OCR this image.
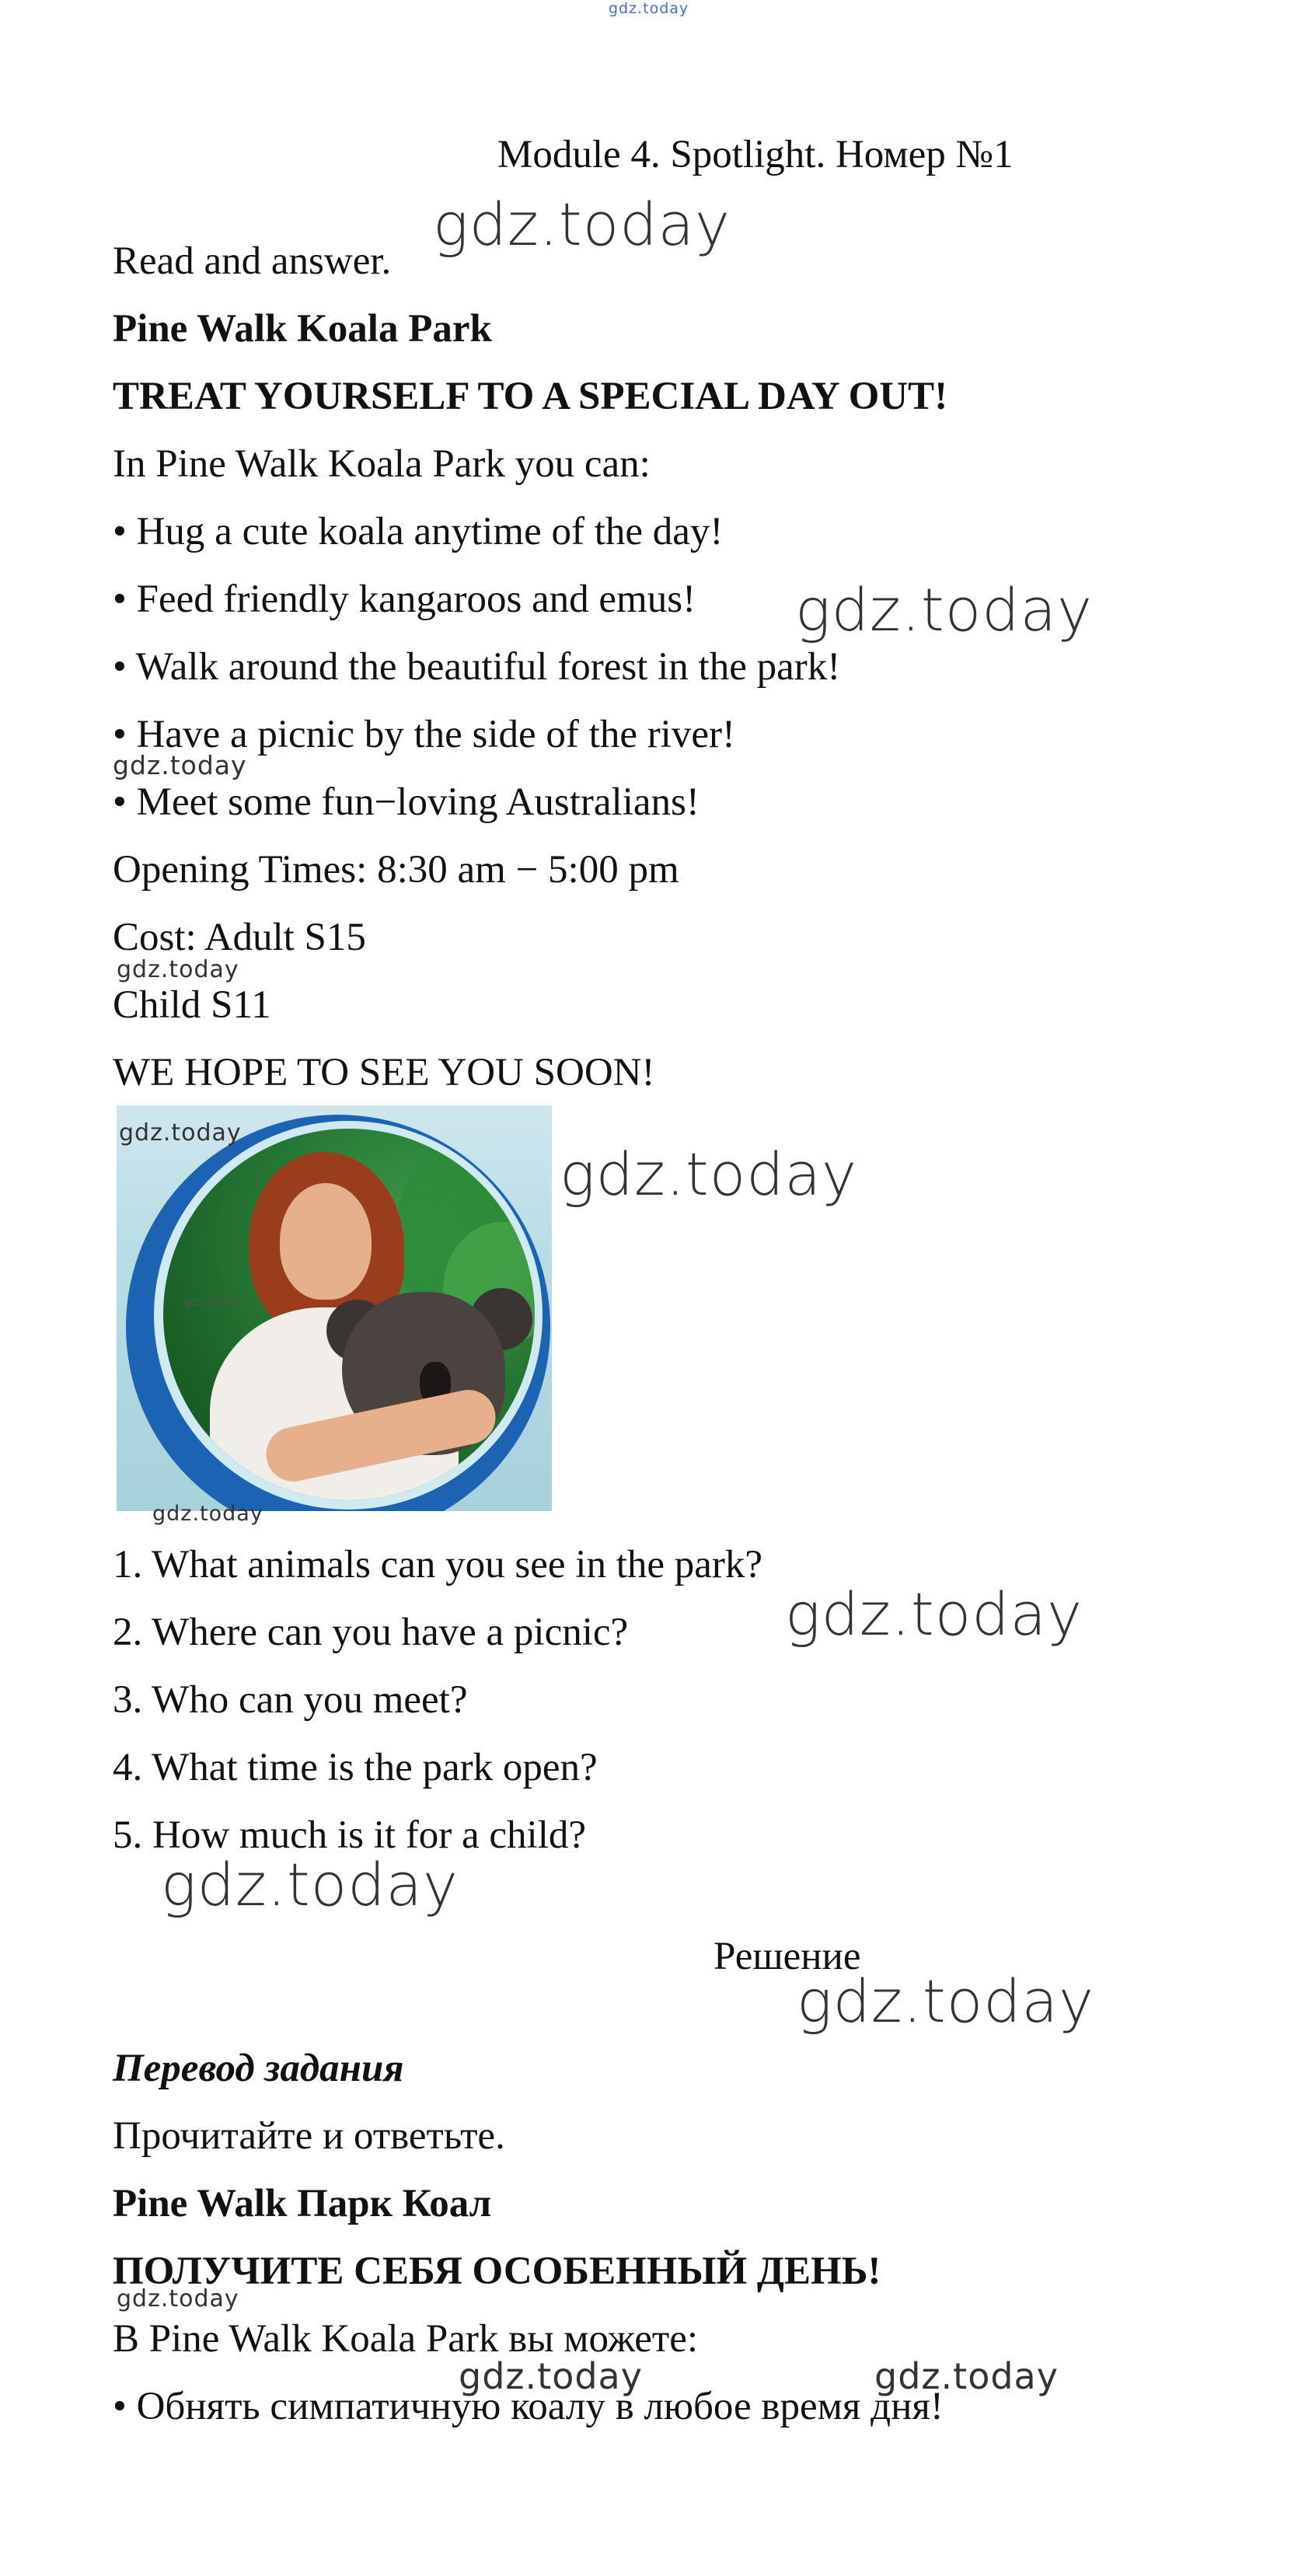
gdz.today
Module 4. Spotlight. Номер №1
Read and answer.
Pine Walk Koala Park
TREAT YOURSELF TO A SPECIAL DAY OUT!
In Pine Walk Koala Park you can:
• Hug a cute koala anytime of the day!
• Feed friendly kangaroos and emus!
• Walk around the beautiful forest in the park!
• Have a picnic by the side of the river!
• Meet some fun−loving Australians!
Opening Times: 8:30 am − 5:00 pm
Cost: Adult S15
Child S11
WE HOPE TO SEE YOU SOON!
1. What animals can you see in the park?
2. Where can you have a picnic?
3. Who can you meet?
4. What time is the park open?
5. How much is it for a child?
Решение
Перевод задания
Прочитайте и ответьте.
Pine Walk Парк Коал
ПОЛУЧИТЕ СЕБЯ ОСОБЕННЫЙ ДЕНЬ!
В Pine Walk Koala Park вы можете:
• Обнять симпатичную коалу в любое время дня!
gdz.today
gdz.today
gdz.today
gdz.today
gdz.today
gdz.today
gdz.today
gdz.today
gdz.today
gdz.today
gdz.today
gdz.today
gdz.today	gdz.today
